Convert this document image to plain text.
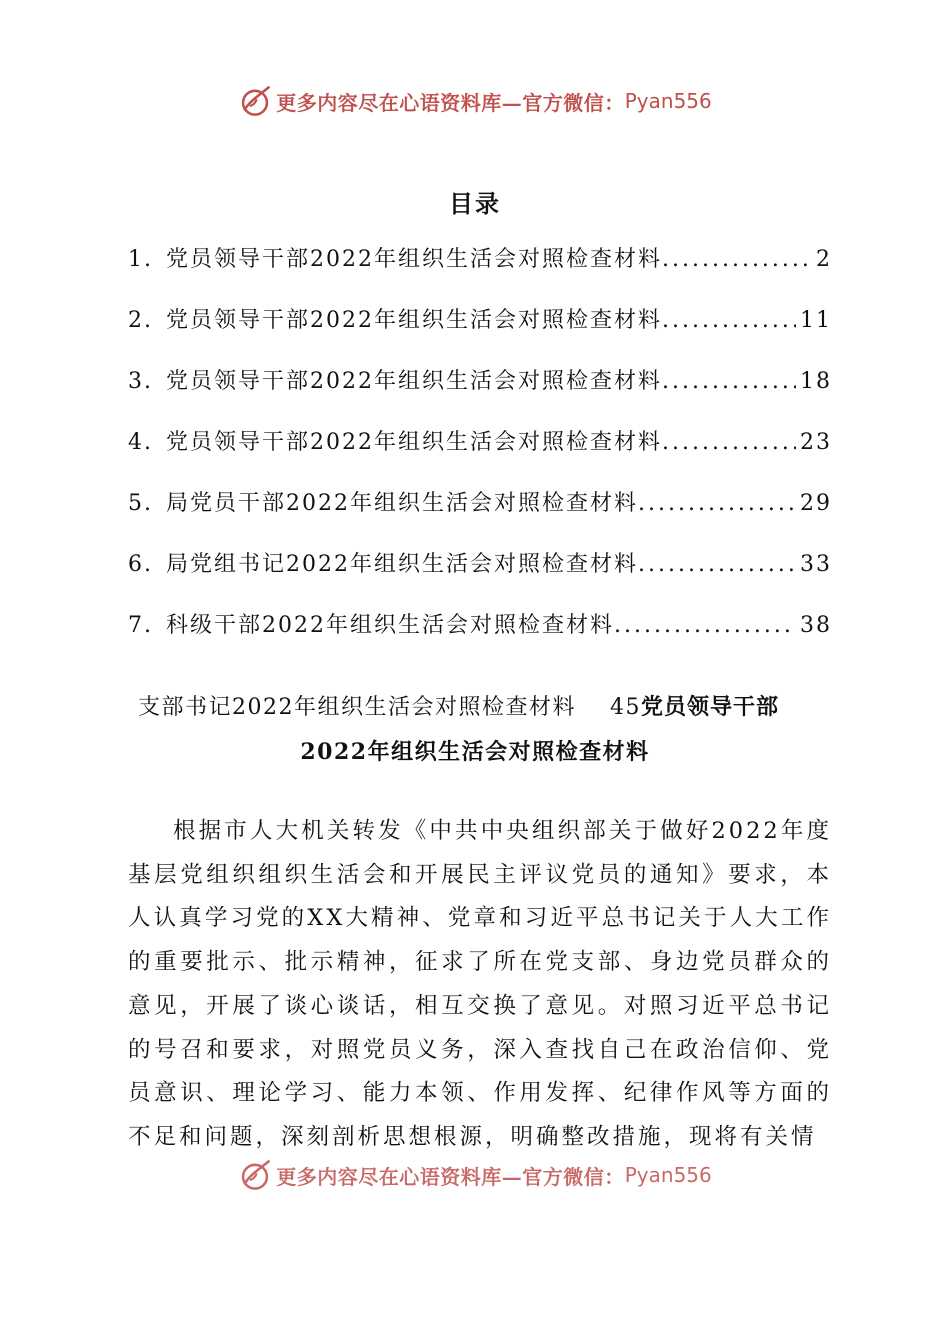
更多内容尽在心语资料库—官方微信： Pyan556
目录
1. 党员领导干部2022年组织生活会对照检查材料 .....	2
2. 党员领导干部2022年组织生活会对照检查材料 .....	11
3. 党员领导干部2022年组织生活会对照检查材料 .....	18
4. 党员领导干部2022年组织生活会对照检查材料 .....	23
5. 局党员干部2022年组织生活会对照检查材料 .....	29
6. 局党组书记2022年组织生活会对照检查材料 .....	33
7. 科级干部2022年组织生活会对照检查材料 .....	38
支部书记2022年组织生活会对照检查材料 45党员领导干部
2022年组织生活会对照检查材料

根据市人大机关转发《中共中央组织部关于做好2022年度基层党组织组织生活会和开展民主评议党员的通知》要求，本人认真学习党的XX大精神、党章和习近平总书记关于人大工作的重要批示、批示精神，征求了所在党支部、身边党员群众的意见，开展了谈心谈话，相互交换了意见。对照习近平总书记的号召和要求，对照党员义务，深入查找自己在政治信仰、党员意识、理论学习、能力本领、作用发挥、纪律作风等方面的不足和问题，深刻剖析思想根源，明确整改措施，现将有关情

更多内容尽在心语资料库—官方微信： Pyan556
